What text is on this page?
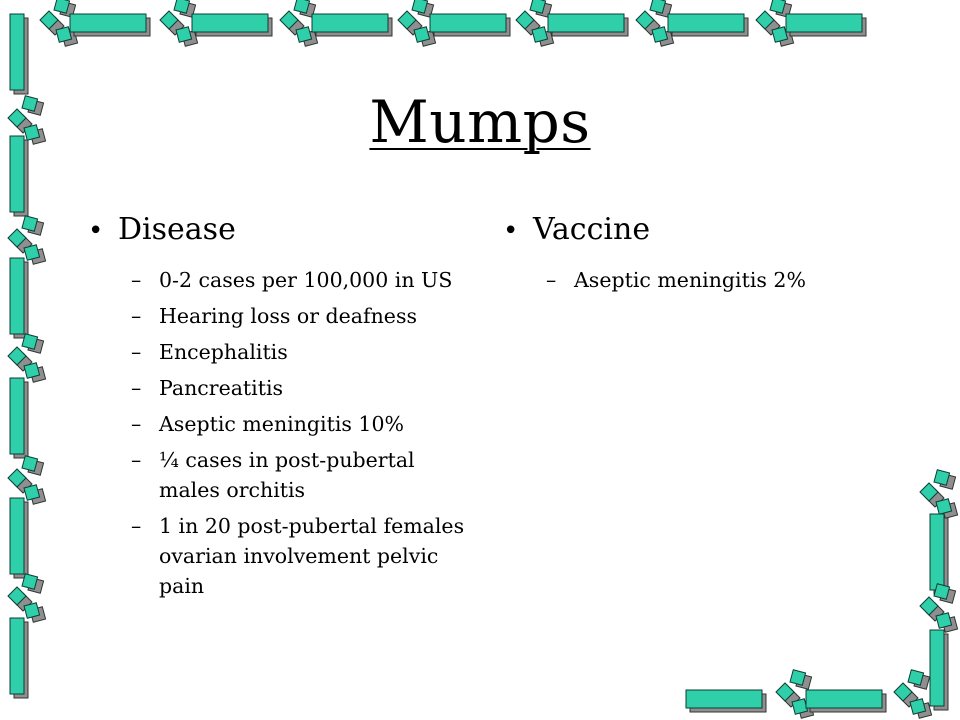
Mumps
• Disease
– 0-2 cases per 100,000 in US
– Hearing loss or deafness
– Encephalitis
– Pancreatitis
– Aseptic meningitis 10%
– ¼ cases in post-pubertal males orchitis
– 1 in 20 post-pubertal females ovarian involvement pelvic pain
• Vaccine
– Aseptic meningitis 2%
